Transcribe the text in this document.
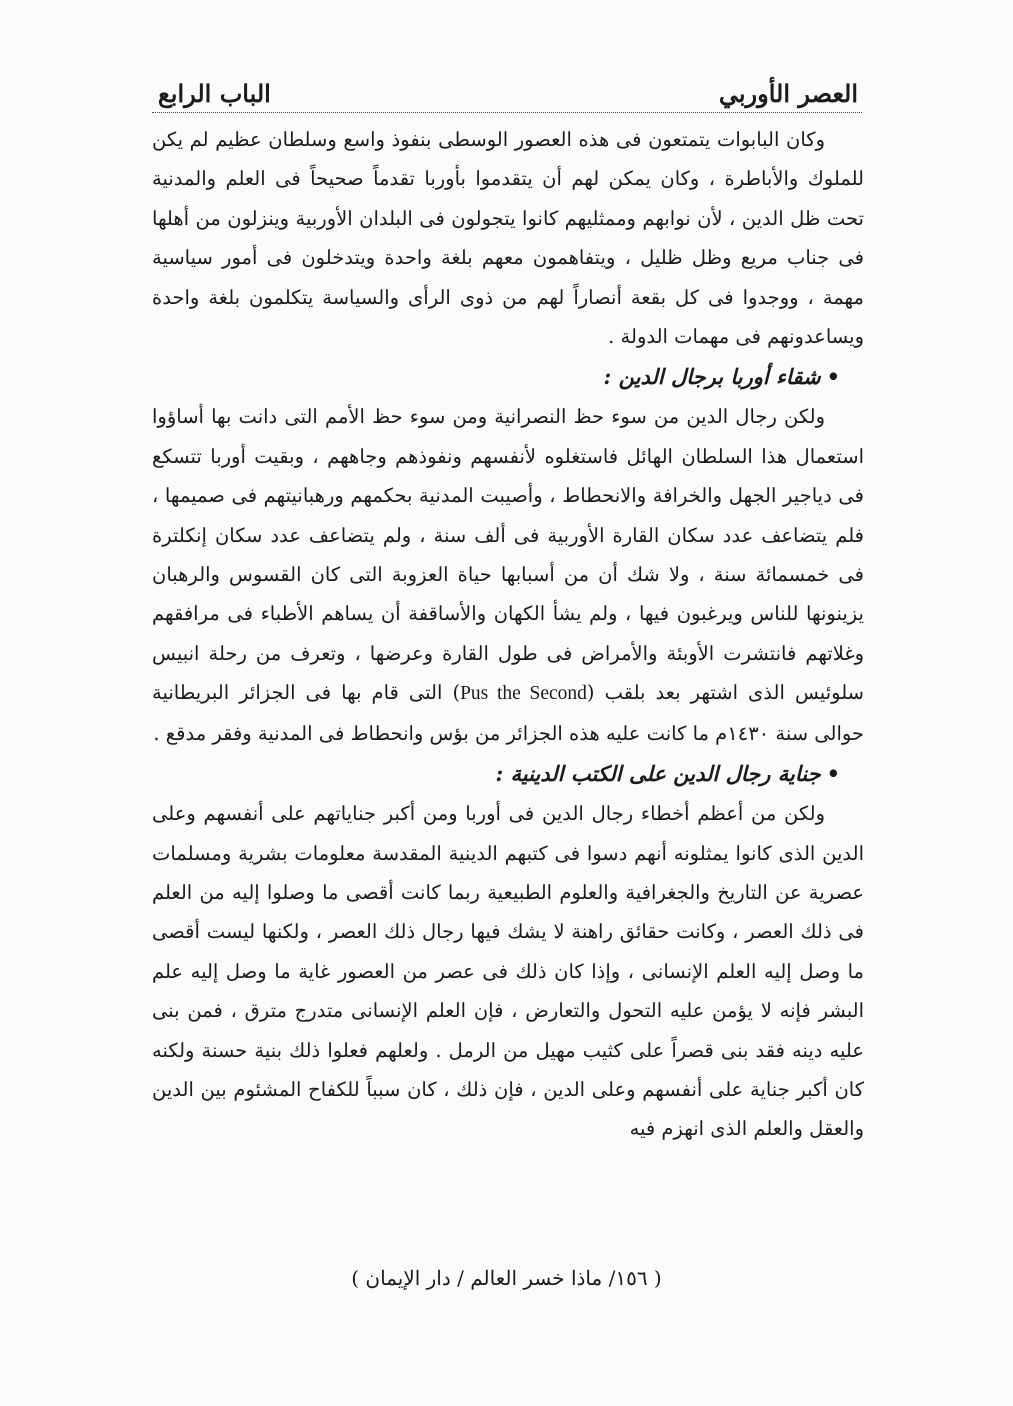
العصر الأوربي
الباب الرابع

وكان البابوات يتمتعون فى هذه العصور الوسطى بنفوذ واسع وسلطان عظيم لم يكن للملوك والأباطرة ، وكان يمكن لهم أن يتقدموا بأوربا تقدماً صحيحاً فى العلم والمدنية تحت ظل الدين ، لأن نوابهم وممثليهم كانوا يتجولون فى البلدان الأوربية وينزلون من أهلها فى جناب مريع وظل ظليل ، ويتفاهمون معهم بلغة واحدة ويتدخلون فى أمور سياسية مهمة ، ووجدوا فى كل بقعة أنصاراً لهم من ذوى الرأى والسياسة يتكلمون بلغة واحدة ويساعدونهم فى مهمات الدولة .

•شقاء أوربا برجال الدين :

ولكن رجال الدين من سوء حظ النصرانية ومن سوء حظ الأمم التى دانت بها أساؤوا استعمال هذا السلطان الهائل فاستغلوه لأنفسهم ونفوذهم وجاههم ، وبقيت أوربا تتسكع فى دياجير الجهل والخرافة والانحطاط ، وأصيبت المدنية بحكمهم ورهبانيتهم فى صميمها ، فلم يتضاعف عدد سكان القارة الأوربية فى ألف سنة ، ولم يتضاعف عدد سكان إنكلترة فى خمسمائة سنة ، ولا شك أن من أسبابها حياة العزوبة التى كان القسوس والرهبان يزينونها للناس ويرغبون فيها ، ولم يشأ الكهان والأساقفة أن يساهم الأطباء فى مرافقهم وغلاتهم فانتشرت الأوبئة والأمراض فى طول القارة وعرضها ، وتعرف من رحلة انبيس سلوئيس الذى اشتهر بعد بلقب (Pus the Second) التى قام بها فى الجزائر البريطانية حوالى سنة ١٤٣٠م ما كانت عليه هذه الجزائر من بؤس وانحطاط فى المدنية وفقر مدقع .

•جناية رجال الدين على الكتب الدينية :

ولكن من أعظم أخطاء رجال الدين فى أوربا ومن أكبر جناياتهم على أنفسهم وعلى الدين الذى كانوا يمثلونه أنهم دسوا فى كتبهم الدينية المقدسة معلومات بشرية ومسلمات عصرية عن التاريخ والجغرافية والعلوم الطبيعية ربما كانت أقصى ما وصلوا إليه من العلم فى ذلك العصر ، وكانت حقائق راهنة لا يشك فيها رجال ذلك العصر ، ولكنها ليست أقصى ما وصل إليه العلم الإنسانى ، وإذا كان ذلك فى عصر من العصور غاية ما وصل إليه علم البشر فإنه لا يؤمن عليه التحول والتعارض ، فإن العلم الإنسانى متدرج مترق ، فمن بنى عليه دينه فقد بنى قصراً على كثيب مهيل من الرمل . ولعلهم فعلوا ذلك بنية حسنة ولكنه كان أكبر جناية على أنفسهم وعلى الدين ، فإن ذلك ، كان سبباً للكفاح المشئوم بين الدين والعقل والعلم الذى انهزم فيه

( ١٥٦/ ماذا خسر العالم / دار الإيمان )
